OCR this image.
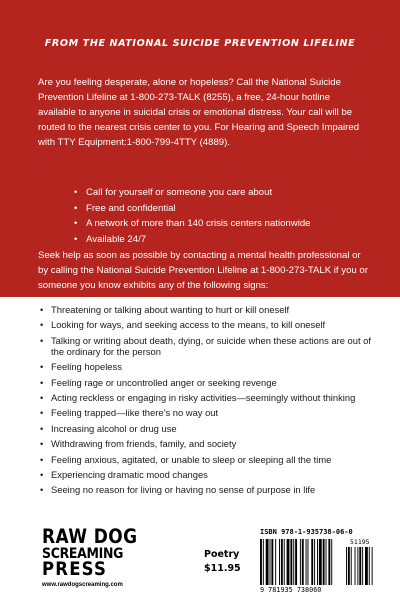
FROM THE NATIONAL SUICIDE PREVENTION LIFELINE

Are you feeling desperate, alone or hopeless? Call the National Suicide Prevention Lifeline at 1-800-273-TALK (8255), a free, 24-hour hotline available to anyone in suicidal crisis or emotional distress. Your call will be routed to the nearest crisis center to you. For Hearing and Speech Impaired with TTY Equipment:1-800-799-4TTY (4889).

• Call for yourself or someone you care about
• Free and confidential
• A network of more than 140 crisis centers nationwide
• Available 24/7

Seek help as soon as possible by contacting a mental health professional or by calling the National Suicide Prevention Lifeline at 1-800-273-TALK if you or someone you know exhibits any of the following signs:

• Threatening or talking about wanting to hurt or kill oneself
• Looking for ways, and seeking access to the means, to kill oneself
• Talking or writing about death, dying, or suicide when these actions are out of the ordinary for the person
• Feeling hopeless
• Feeling rage or uncontrolled anger or seeking revenge
• Acting reckless or engaging in risky activities—seemingly without thinking
• Feeling trapped—like there’s no way out
• Increasing alcohol or drug use
• Withdrawing from friends, family, and society
• Feeling anxious, agitated, or unable to sleep or sleeping all the time
• Experiencing dramatic mood changes
• Seeing no reason for living or having no sense of purpose in life
RAW DOG
SCREAMING
PRESS
www.rawdogscreaming.com
Poetry
$11.95
ISBN 978-1-935738-06-0
51195
9 781935 738060
